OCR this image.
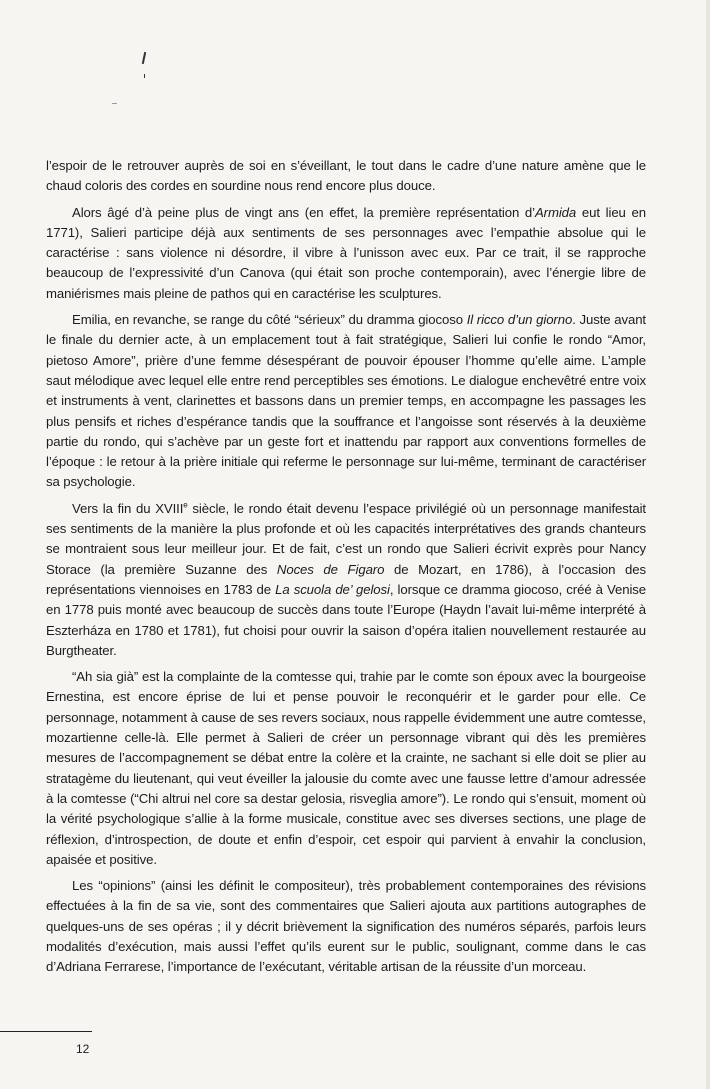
l’espoir de le retrouver auprès de soi en s’éveillant, le tout dans le cadre d’une nature amène que le chaud coloris des cordes en sourdine nous rend encore plus douce.

Alors âgé d’à peine plus de vingt ans (en effet, la première représentation d’Armida eut lieu en 1771), Salieri participe déjà aux sentiments de ses personnages avec l’empathie absolue qui le caractérise : sans violence ni désordre, il vibre à l’unisson avec eux. Par ce trait, il se rapproche beaucoup de l’expressivité d’un Canova (qui était son proche contemporain), avec l’énergie libre de maniérismes mais pleine de pathos qui en caractérise les sculptures.

Emilia, en revanche, se range du côté “sérieux” du dramma giocoso Il ricco d’un giorno. Juste avant le finale du dernier acte, à un emplacement tout à fait stratégique, Salieri lui confie le rondo “Amor, pietoso Amore”, prière d’une femme désespérant de pouvoir épouser l’homme qu’elle aime. L’ample saut mélodique avec lequel elle entre rend perceptibles ses émotions. Le dialogue enchevêtré entre voix et instruments à vent, clarinettes et bassons dans un premier temps, en accompagne les passages les plus pensifs et riches d’espérance tandis que la souffrance et l’angoisse sont réservés à la deuxième partie du rondo, qui s’achève par un geste fort et inattendu par rapport aux conventions formelles de l’époque : le retour à la prière initiale qui referme le personnage sur lui-même, terminant de caractériser sa psychologie.

Vers la fin du XVIIIe siècle, le rondo était devenu l’espace privilégié où un personnage manifestait ses sentiments de la manière la plus profonde et où les capacités interprétatives des grands chanteurs se montraient sous leur meilleur jour. Et de fait, c’est un rondo que Salieri écrivit exprès pour Nancy Storace (la première Suzanne des Noces de Figaro de Mozart, en 1786), à l’occasion des représentations viennoises en 1783 de La scuola de’ gelosi, lorsque ce dramma giocoso, créé à Venise en 1778 puis monté avec beaucoup de succès dans toute l’Europe (Haydn l’avait lui-même interprété à Eszterháza en 1780 et 1781), fut choisi pour ouvrir la saison d’opéra italien nouvellement restaurée au Burgtheater.

“Ah sia già” est la complainte de la comtesse qui, trahie par le comte son époux avec la bourgeoise Ernestina, est encore éprise de lui et pense pouvoir le reconquérir et le garder pour elle. Ce personnage, notamment à cause de ses revers sociaux, nous rappelle évidemment une autre comtesse, mozartienne celle-là. Elle permet à Salieri de créer un personnage vibrant qui dès les premières mesures de l’accompagnement se débat entre la colère et la crainte, ne sachant si elle doit se plier au stratagème du lieutenant, qui veut éveiller la jalousie du comte avec une fausse lettre d’amour adressée à la comtesse (“Chi altrui nel core sa destar gelosia, risveglia amore”). Le rondo qui s’ensuit, moment où la vérité psychologique s’allie à la forme musicale, constitue avec ses diverses sections, une plage de réflexion, d’introspection, de doute et enfin d’espoir, cet espoir qui parvient à envahir la conclusion, apaisée et positive.

Les “opinions” (ainsi les définit le compositeur), très probablement contemporaines des révisions effectuées à la fin de sa vie, sont des commentaires que Salieri ajouta aux partitions autographes de quelques-uns de ses opéras ; il y décrit brièvement la signification des numéros séparés, parfois leurs modalités d’exécution, mais aussi l’effet qu’ils eurent sur le public, soulignant, comme dans le cas d’Adriana Ferrarese, l’importance de l’exécutant, véritable artisan de la réussite d’un morceau.

12
